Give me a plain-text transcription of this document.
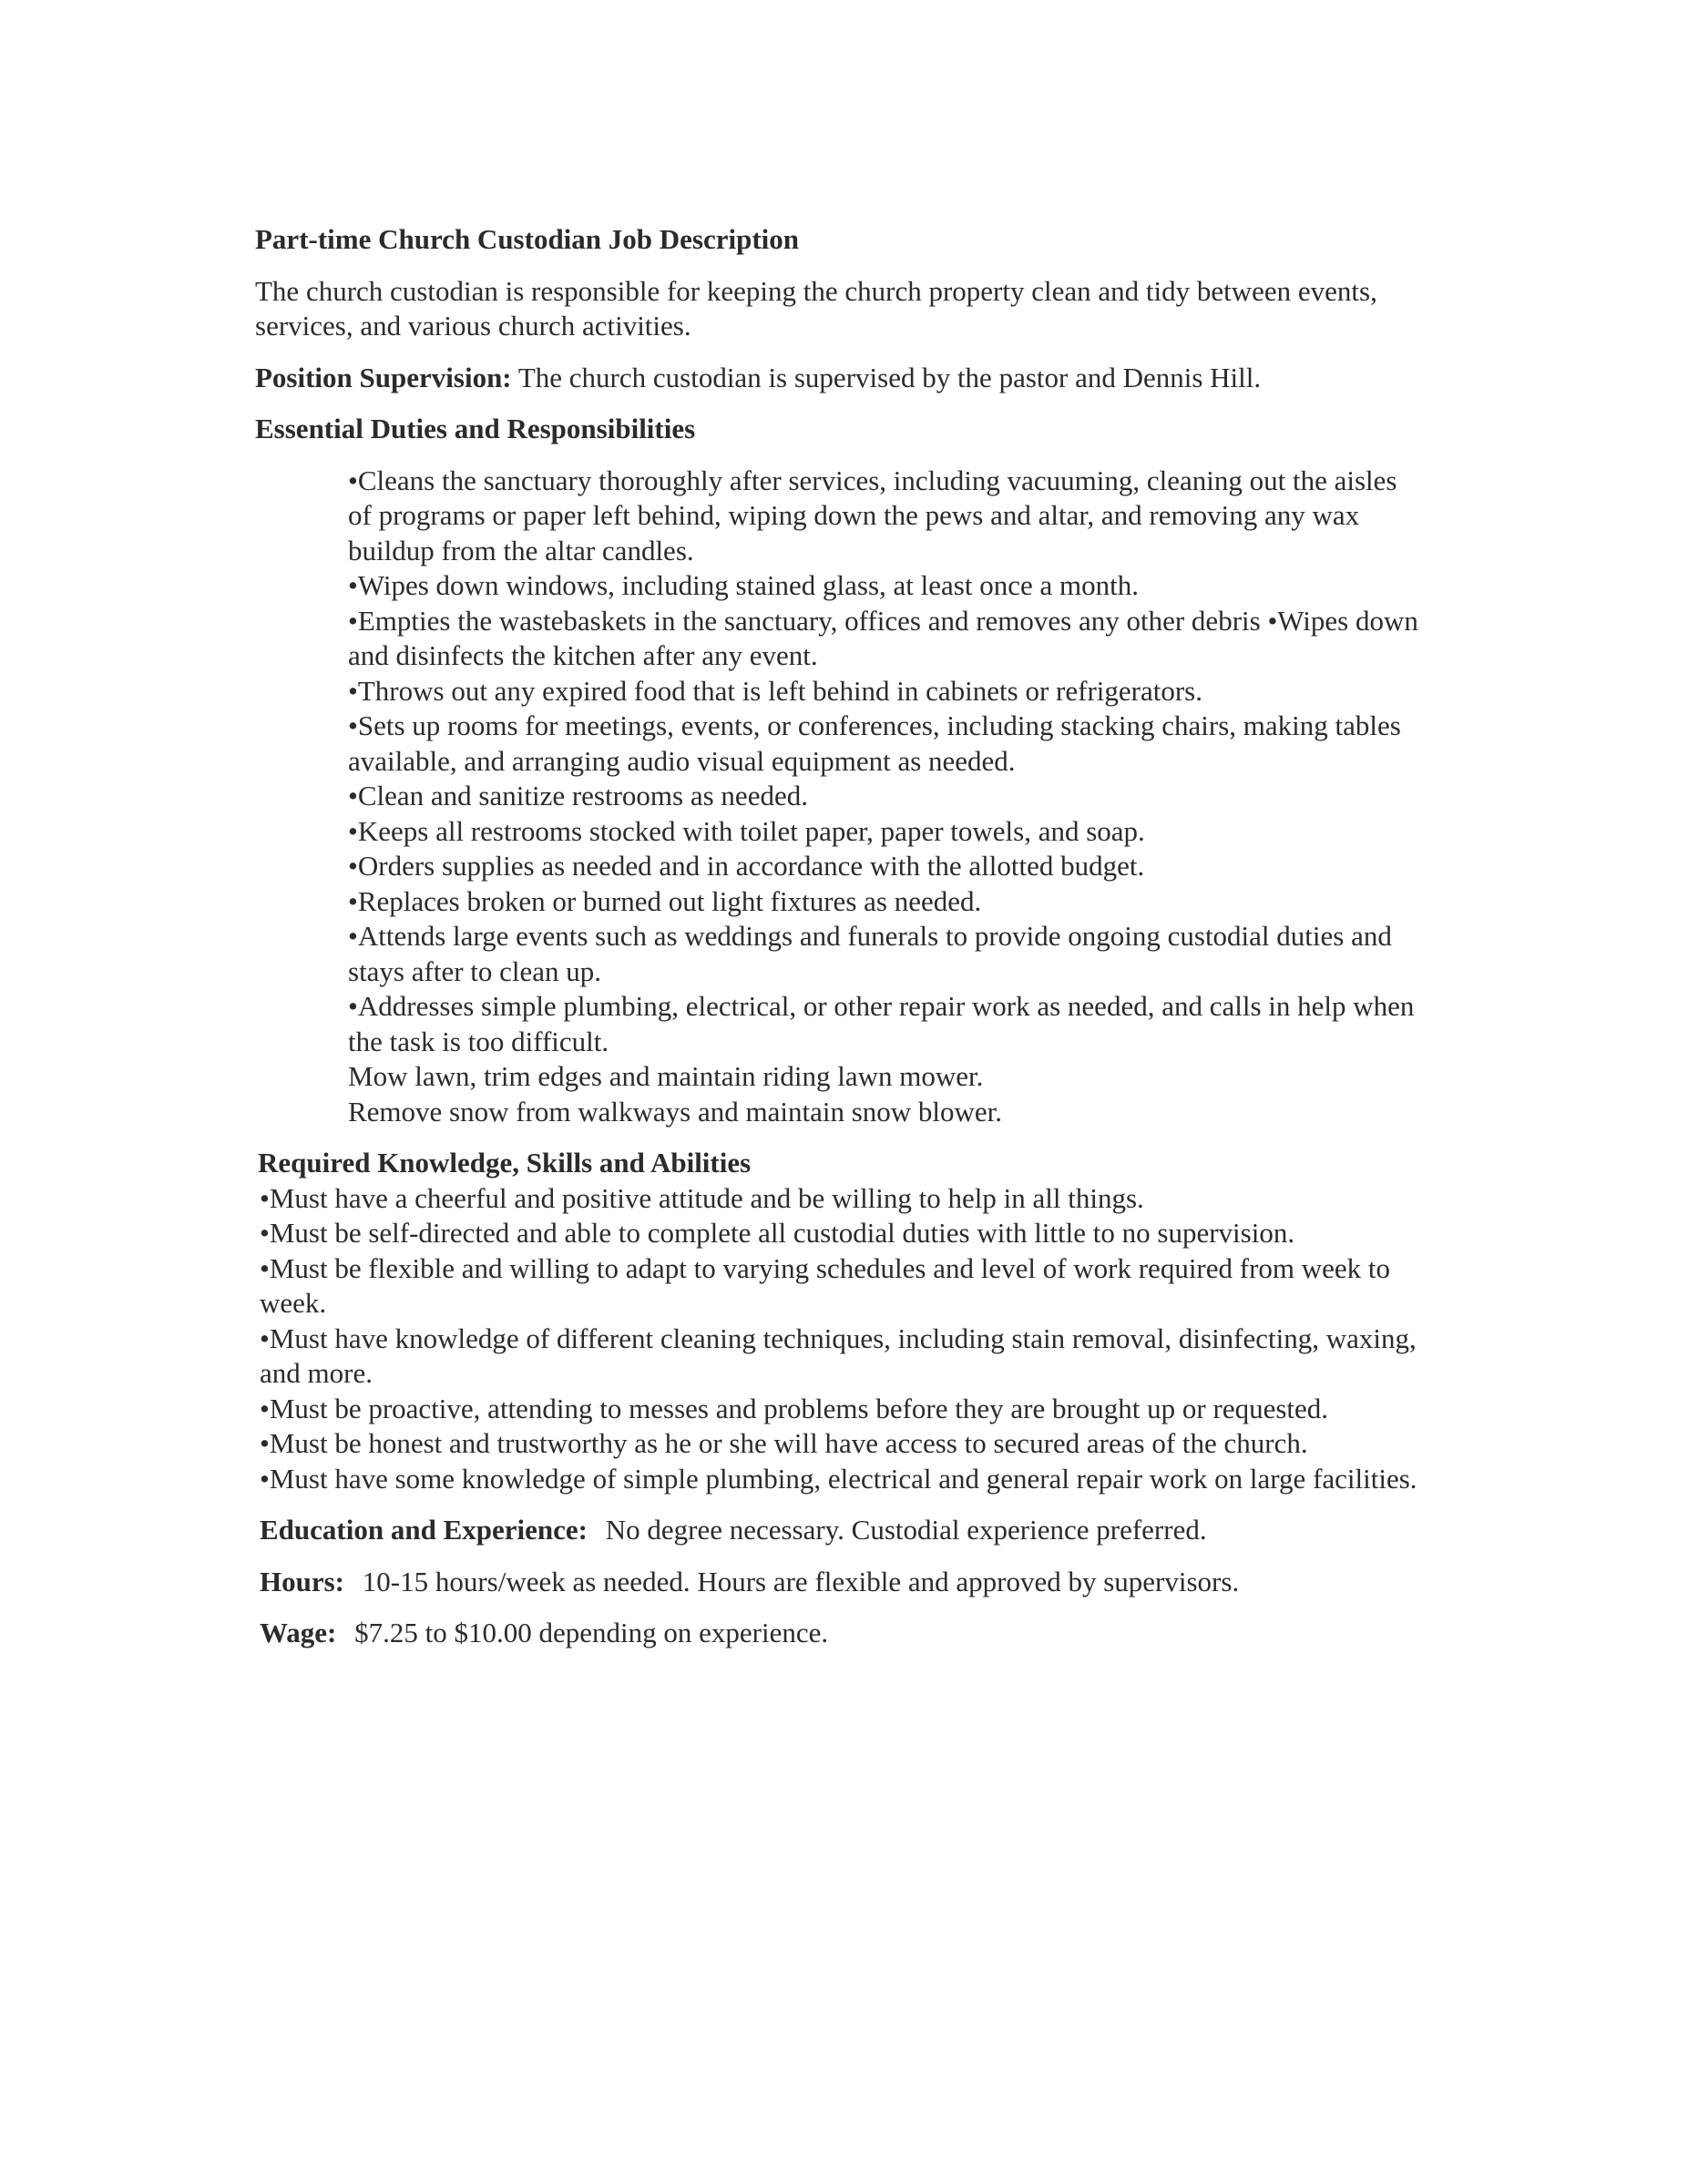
Part-time Church Custodian Job Description
The church custodian is responsible for keeping the church property clean and tidy between events, services, and various church activities.
Position Supervision: The church custodian is supervised by the pastor and Dennis Hill.
Essential Duties and Responsibilities
•Cleans the sanctuary thoroughly after services, including vacuuming, cleaning out the aisles of programs or paper left behind, wiping down the pews and altar, and removing any wax buildup from the altar candles.
•Wipes down windows, including stained glass, at least once a month.
•Empties the wastebaskets in the sanctuary, offices and removes any other debris •Wipes down and disinfects the kitchen after any event.
•Throws out any expired food that is left behind in cabinets or refrigerators.
•Sets up rooms for meetings, events, or conferences, including stacking chairs, making tables available, and arranging audio visual equipment as needed.
•Clean and sanitize restrooms as needed.
•Keeps all restrooms stocked with toilet paper, paper towels, and soap.
•Orders supplies as needed and in accordance with the allotted budget.
•Replaces broken or burned out light fixtures as needed.
•Attends large events such as weddings and funerals to provide ongoing custodial duties and stays after to clean up.
•Addresses simple plumbing, electrical, or other repair work as needed, and calls in help when the task is too difficult.
Mow lawn, trim edges and maintain riding lawn mower.
Remove snow from walkways and maintain snow blower.
Required Knowledge, Skills and Abilities
•Must have a cheerful and positive attitude and be willing to help in all things.
•Must be self-directed and able to complete all custodial duties with little to no supervision.
•Must be flexible and willing to adapt to varying schedules and level of work required from week to week.
•Must have knowledge of different cleaning techniques, including stain removal, disinfecting, waxing, and more.
•Must be proactive, attending to messes and problems before they are brought up or requested.
•Must be honest and trustworthy as he or she will have access to secured areas of the church.
•Must have some knowledge of simple plumbing, electrical and general repair work on large facilities.
Education and Experience: No degree necessary. Custodial experience preferred.
Hours: 10-15 hours/week as needed. Hours are flexible and approved by supervisors.
Wage: $7.25 to $10.00 depending on experience.
